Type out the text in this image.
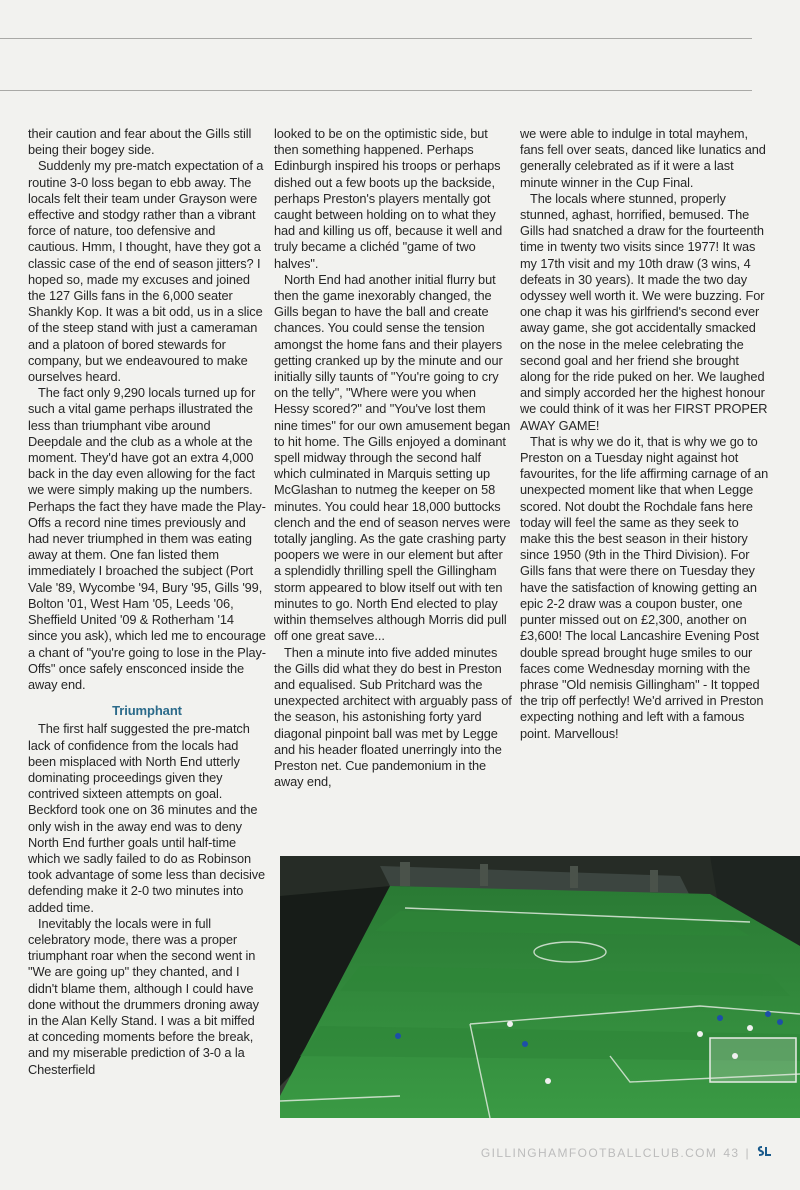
their caution and fear about the Gills still being their bogey side.

Suddenly my pre-match expectation of a routine 3-0 loss began to ebb away. The locals felt their team under Grayson were effective and stodgy rather than a vibrant force of nature, too defensive and cautious. Hmm, I thought, have they got a classic case of the end of season jitters? I hoped so, made my excuses and joined the 127 Gills fans in the 6,000 seater Shankly Kop. It was a bit odd, us in a slice of the steep stand with just a cameraman and a platoon of bored stewards for company, but we endeavoured to make ourselves heard.

The fact only 9,290 locals turned up for such a vital game perhaps illustrated the less than triumphant vibe around Deepdale and the club as a whole at the moment. They'd have got an extra 4,000 back in the day even allowing for the fact we were simply making up the numbers. Perhaps the fact they have made the Play-Offs a record nine times previously and had never triumphed in them was eating away at them. One fan listed them immediately I broached the subject (Port Vale '89, Wycombe '94, Bury '95, Gills '99, Bolton '01, West Ham '05, Leeds '06, Sheffield United '09 & Rotherham '14 since you ask), which led me to encourage a chant of "you're going to lose in the Play-Offs" once safely ensconced inside the away end.

Triumphant

The first half suggested the pre-match lack of confidence from the locals had been misplaced with North End utterly dominating proceedings given they contrived sixteen attempts on goal. Beckford took one on 36 minutes and the only wish in the away end was to deny North End further goals until half-time which we sadly failed to do as Robinson took advantage of some less than decisive defending make it 2-0 two minutes into added time.

Inevitably the locals were in full celebratory mode, there was a proper triumphant roar when the second went in "We are going up" they chanted, and I didn't blame them, although I could have done without the drummers droning away in the Alan Kelly Stand. I was a bit miffed at conceding moments before the break, and my miserable prediction of 3-0 a la Chesterfield

looked to be on the optimistic side, but then something happened. Perhaps Edinburgh inspired his troops or perhaps dished out a few boots up the backside, perhaps Preston's players mentally got caught between holding on to what they had and killing us off, because it well and truly became a clichéd "game of two halves".

North End had another initial flurry but then the game inexorably changed, the Gills began to have the ball and create chances. You could sense the tension amongst the home fans and their players getting cranked up by the minute and our initially silly taunts of "You're going to cry on the telly", "Where were you when Hessy scored?" and "You've lost them nine times" for our own amusement began to hit home. The Gills enjoyed a dominant spell midway through the second half which culminated in Marquis setting up McGlashan to nutmeg the keeper on 58 minutes. You could hear 18,000 buttocks clench and the end of season nerves were totally jangling. As the gate crashing party poopers we were in our element but after a splendidly thrilling spell the Gillingham storm appeared to blow itself out with ten minutes to go. North End elected to play within themselves although Morris did pull off one great save...

Then a minute into five added minutes the Gills did what they do best in Preston and equalised. Sub Pritchard was the unexpected architect with arguably pass of the season, his astonishing forty yard diagonal pinpoint ball was met by Legge and his header floated unerringly into the Preston net. Cue pandemonium in the away end,

we were able to indulge in total mayhem, fans fell over seats, danced like lunatics and generally celebrated as if it were a last minute winner in the Cup Final.

The locals where stunned, properly stunned, aghast, horrified, bemused. The Gills had snatched a draw for the fourteenth time in twenty two visits since 1977! It was my 17th visit and my 10th draw (3 wins, 4 defeats in 30 years). It made the two day odyssey well worth it. We were buzzing. For one chap it was his girlfriend's second ever away game, she got accidentally smacked on the nose in the melee celebrating the second goal and her friend she brought along for the ride puked on her. We laughed and simply accorded her the highest honour we could think of it was her FIRST PROPER AWAY GAME!

That is why we do it, that is why we go to Preston on a Tuesday night against hot favourites, for the life affirming carnage of an unexpected moment like that when Legge scored. Not doubt the Rochdale fans here today will feel the same as they seek to make this the best season in their history since 1950 (9th in the Third Division). For Gills fans that were there on Tuesday they have the satisfaction of knowing getting an epic 2-2 draw was a coupon buster, one punter missed out on £2,300, another on £3,600! The local Lancashire Evening Post double spread brought huge smiles to our faces come Wednesday morning with the phrase "Old nemisis Gillingham" - It topped the trip off perfectly! We'd arrived in Preston expecting nothing and left with a famous point. Marvellous!

GILLINGHAMFOOTBALLCLUB.COM 43 |
